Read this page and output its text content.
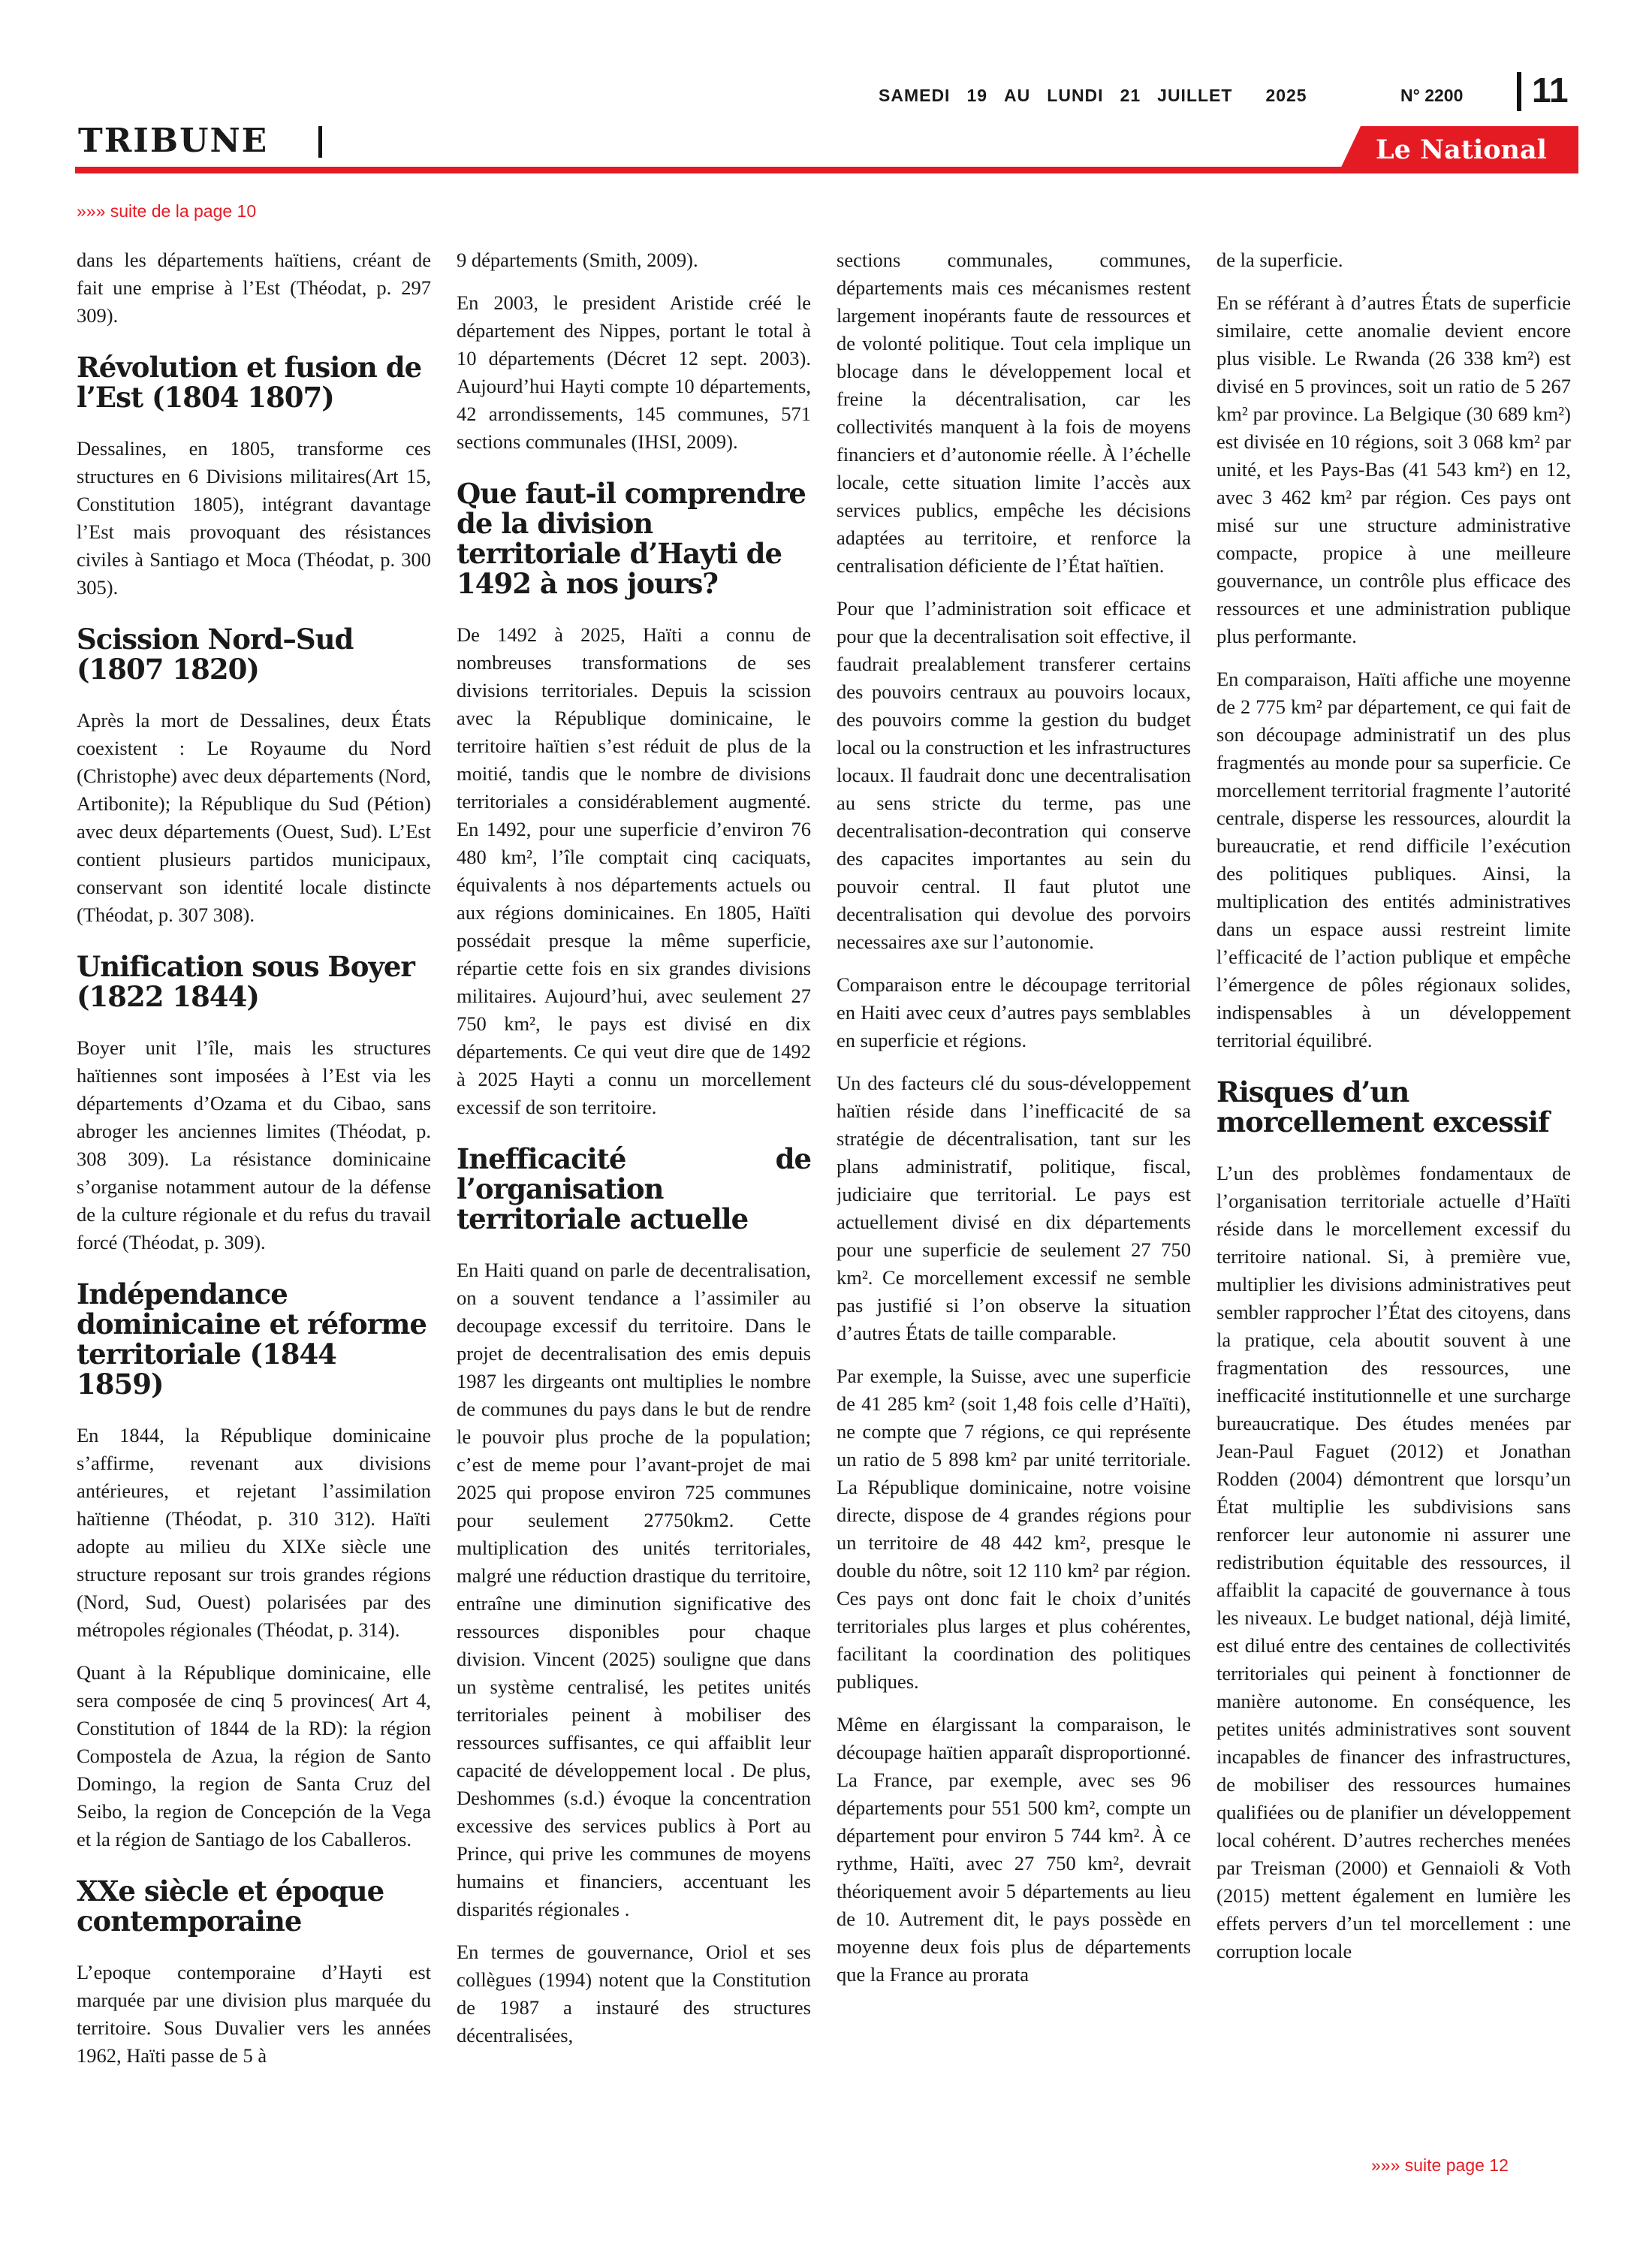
SAMEDI 19 AU LUNDI 21 JUILLET 2025	N° 2200 11
TRIBUNE	Le National
»»» suite de la page 10

dans les départements haïtiens, créant de fait une emprise à l’Est (Théodat, p. 297 309).

Révolution et fusion de l’Est (1804 1807)

Dessalines, en 1805, transforme ces structures en 6 Divisions militaires(Art 15, Constitution 1805), intégrant davantage l’Est mais provoquant des résistances civiles à Santiago et Moca (Théodat, p. 300 305).

Scission Nord–Sud (1807 1820)

Après la mort de Dessalines, deux États coexistent : Le Royaume du Nord (Christophe) avec deux départements (Nord, Artibonite); la République du Sud (Pétion) avec deux départements (Ouest, Sud). L’Est contient plusieurs partidos municipaux, conservant son identité locale distincte (Théodat, p. 307 308).

Unification sous Boyer (1822 1844)

Boyer unit l’île, mais les structures haïtiennes sont imposées à l’Est via les départements d’Ozama et du Cibao, sans abroger les anciennes limites (Théodat, p. 308 309). La résistance dominicaine s’organise notamment autour de la défense de la culture régionale et du refus du travail forcé (Théodat, p. 309).

Indépendance dominicaine et réforme territoriale (1844 1859)

En 1844, la République dominicaine s’affirme, revenant aux divisions antérieures, et rejetant l’assimilation haïtienne (Théodat, p. 310 312). Haïti adopte au milieu du XIXe siècle une structure reposant sur trois grandes régions (Nord, Sud, Ouest) polarisées par des métropoles régionales (Théodat, p. 314).

Quant à la République dominicaine, elle sera composée de cinq 5 provinces( Art 4, Constitution of 1844 de la RD): la région Compostela de Azua, la région de Santo Domingo, la region de Santa Cruz del Seibo, la region de Concepción de la Vega et la région de Santiago de los Caballeros.

XXe siècle et époque contemporaine

L’epoque contemporaine d’Hayti est marquée par une division plus marquée du territoire. Sous Duvalier vers les années 1962, Haïti passe de 5 à

9 départements (Smith, 2009).

En 2003, le president Aristide créé le département des Nippes, portant le total à 10 départements (Décret 12 sept. 2003). Aujourd’hui Hayti compte 10 départements, 42 arrondissements, 145 communes, 571 sections communales (IHSI, 2009).

Que faut-il comprendre de la division territoriale d’Hayti de 1492 à nos jours?

De 1492 à 2025, Haïti a connu de nombreuses transformations de ses divisions territoriales. Depuis la scission avec la République dominicaine, le territoire haïtien s’est réduit de plus de la moitié, tandis que le nombre de divisions territoriales a considérablement augmenté. En 1492, pour une superficie d’environ 76 480 km², l’île comptait cinq caciquats, équivalents à nos départements actuels ou aux régions dominicaines. En 1805, Haïti possédait presque la même superficie, répartie cette fois en six grandes divisions militaires. Aujourd’hui, avec seulement 27 750 km², le pays est divisé en dix départements. Ce qui veut dire que de 1492 à 2025 Hayti a connu un morcellement excessif de son territoire.

Inefficacité de l’organisation territoriale actuelle

En Haiti quand on parle de decentralisation, on a souvent tendance a l’assimiler au decoupage excessif du territoire. Dans le projet de decentralisation des emis depuis 1987 les dirgeants ont multiplies le nombre de communes du pays dans le but de rendre le pouvoir plus proche de la population; c’est de meme pour l’avant-projet de mai 2025 qui propose environ 725 communes pour seulement 27750km2. Cette multiplication des unités territoriales, malgré une réduction drastique du territoire, entraîne une diminution significative des ressources disponibles pour chaque division. Vincent (2025) souligne que dans un système centralisé, les petites unités territoriales peinent à mobiliser des ressources suffisantes, ce qui affaiblit leur capacité de développement local . De plus, Deshommes (s.d.) évoque la concentration excessive des services publics à Port au Prince, qui prive les communes de moyens humains et financiers, accentuant les disparités régionales .

En termes de gouvernance, Oriol et ses collègues (1994) notent que la Constitution de 1987 a instauré des structures décentralisées,

sections communales, communes, départements mais ces mécanismes restent largement inopérants faute de ressources et de volonté politique. Tout cela implique un blocage dans le développement local et freine la décentralisation, car les collectivités manquent à la fois de moyens financiers et d’autonomie réelle. À l’échelle locale, cette situation limite l’accès aux services publics, empêche les décisions adaptées au territoire, et renforce la centralisation déficiente de l’État haïtien.

Pour que l’administration soit efficace et pour que la decentralisation soit effective, il faudrait prealablement transferer certains des pouvoirs centraux au pouvoirs locaux, des pouvoirs comme la gestion du budget local ou la construction et les infrastructures locaux. Il faudrait donc une decentralisation au sens stricte du terme, pas une decentralisation-decontration qui conserve des capacites importantes au sein du pouvoir central. Il faut plutot une decentralisation qui devolue des porvoirs necessaires axe sur l’autonomie.

Comparaison entre le découpage territorial en Haiti avec ceux d’autres pays semblables en superficie et régions.

Un des facteurs clé du sous-développement haïtien réside dans l’inefficacité de sa stratégie de décentralisation, tant sur les plans administratif, politique, fiscal, judiciaire que territorial. Le pays est actuellement divisé en dix départements pour une superficie de seulement 27 750 km². Ce morcellement excessif ne semble pas justifié si l’on observe la situation d’autres États de taille comparable.

Par exemple, la Suisse, avec une superficie de 41 285 km² (soit 1,48 fois celle d’Haïti), ne compte que 7 régions, ce qui représente un ratio de 5 898 km² par unité territoriale. La République dominicaine, notre voisine directe, dispose de 4 grandes régions pour un territoire de 48 442 km², presque le double du nôtre, soit 12 110 km² par région. Ces pays ont donc fait le choix d’unités territoriales plus larges et plus cohérentes, facilitant la coordination des politiques publiques.

Même en élargissant la comparaison, le découpage haïtien apparaît disproportionné. La France, par exemple, avec ses 96 départements pour 551 500 km², compte un département pour environ 5 744 km². À ce rythme, Haïti, avec 27 750 km², devrait théoriquement avoir 5 départements au lieu de 10. Autrement dit, le pays possède en moyenne deux fois plus de départements que la France au prorata

de la superficie.

En se référant à d’autres États de superficie similaire, cette anomalie devient encore plus visible. Le Rwanda (26 338 km²) est divisé en 5 provinces, soit un ratio de 5 267 km² par province. La Belgique (30 689 km²) est divisée en 10 régions, soit 3 068 km² par unité, et les Pays-Bas (41 543 km²) en 12, avec 3 462 km² par région. Ces pays ont misé sur une structure administrative compacte, propice à une meilleure gouvernance, un contrôle plus efficace des ressources et une administration publique plus performante.

En comparaison, Haïti affiche une moyenne de 2 775 km² par département, ce qui fait de son découpage administratif un des plus fragmentés au monde pour sa superficie. Ce morcellement territorial fragmente l’autorité centrale, disperse les ressources, alourdit la bureaucratie, et rend difficile l’exécution des politiques publiques. Ainsi, la multiplication des entités administratives dans un espace aussi restreint limite l’efficacité de l’action publique et empêche l’émergence de pôles régionaux solides, indispensables à un développement territorial équilibré.

Risques d’un morcellement excessif

L’un des problèmes fondamentaux de l’organisation territoriale actuelle d’Haïti réside dans le morcellement excessif du territoire national. Si, à première vue, multiplier les divisions administratives peut sembler rapprocher l’État des citoyens, dans la pratique, cela aboutit souvent à une fragmentation des ressources, une inefficacité institutionnelle et une surcharge bureaucratique. Des études menées par Jean-Paul Faguet (2012) et Jonathan Rodden (2004) démontrent que lorsqu’un État multiplie les subdivisions sans renforcer leur autonomie ni assurer une redistribution équitable des ressources, il affaiblit la capacité de gouvernance à tous les niveaux. Le budget national, déjà limité, est dilué entre des centaines de collectivités territoriales qui peinent à fonctionner de manière autonome. En conséquence, les petites unités administratives sont souvent incapables de financer des infrastructures, de mobiliser des ressources humaines qualifiées ou de planifier un développement local cohérent. D’autres recherches menées par Treisman (2000) et Gennaioli & Voth (2015) mettent également en lumière les effets pervers d’un tel morcellement : une corruption locale

»»» suite page 12
